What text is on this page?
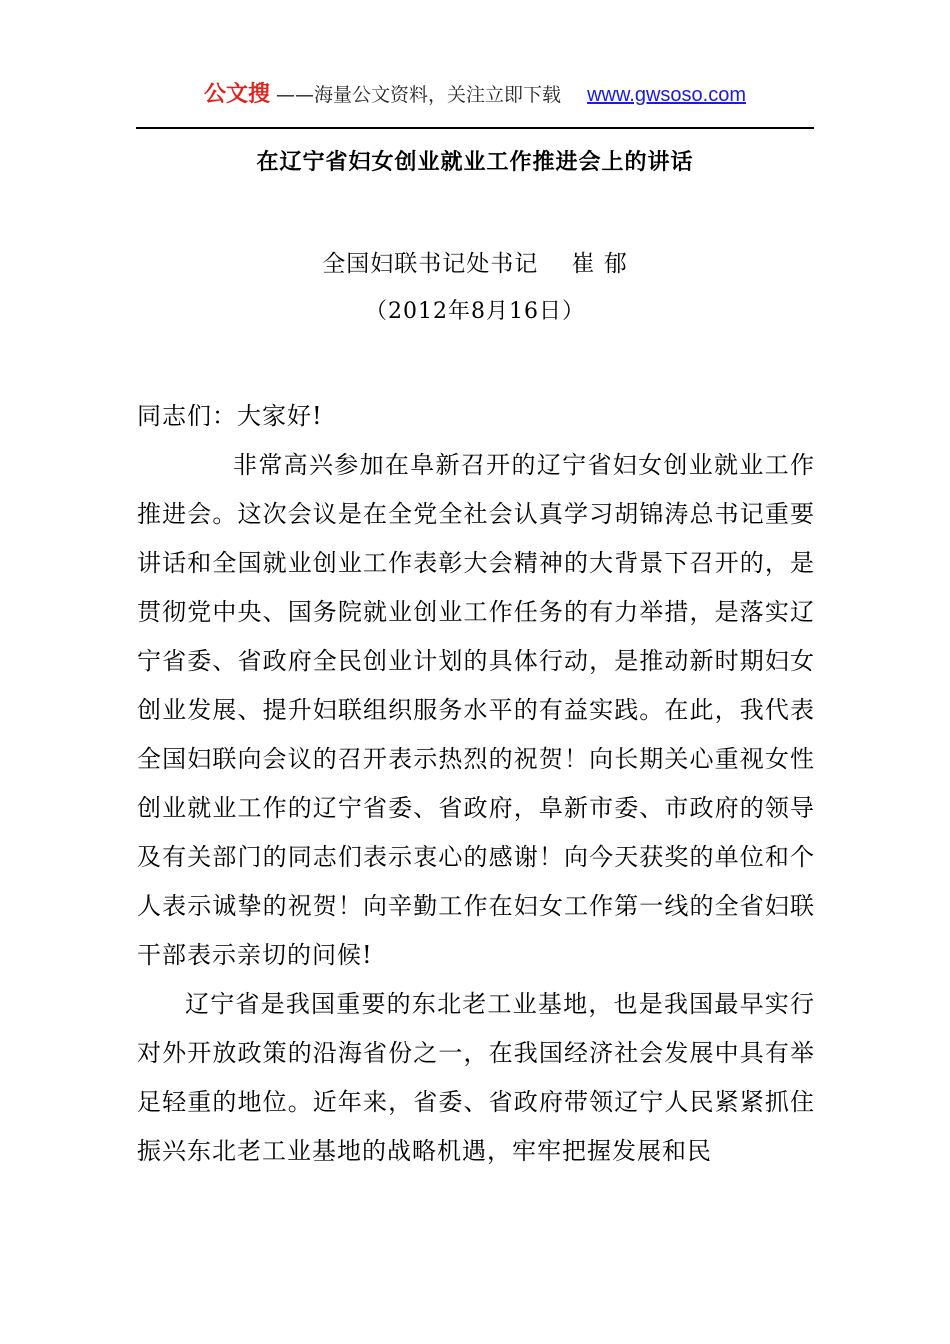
公文搜 ——海量公文资料，关注立即下载 www.gwsoso.com
在辽宁省妇女创业就业工作推进会上的讲话
全国妇联书记处书记    崔 郁
（2012年8月16日）

同志们：大家好!

非常高兴参加在阜新召开的辽宁省妇女创业就业工作推进会。这次会议是在全党全社会认真学习胡锦涛总书记重要讲话和全国就业创业工作表彰大会精神的大背景下召开的，是贯彻党中央、国务院就业创业工作任务的有力举措，是落实辽宁省委、省政府全民创业计划的具体行动，是推动新时期妇女创业发展、提升妇联组织服务水平的有益实践。在此，我代表全国妇联向会议的召开表示热烈的祝贺！向长期关心重视女性创业就业工作的辽宁省委、省政府，阜新市委、市政府的领导及有关部门的同志们表示衷心的感谢！向今天获奖的单位和个人表示诚挚的祝贺！向辛勤工作在妇女工作第一线的全省妇联干部表示亲切的问候!

辽宁省是我国重要的东北老工业基地，也是我国最早实行对外开放政策的沿海省份之一，在我国经济社会发展中具有举足轻重的地位。近年来，省委、省政府带领辽宁人民紧紧抓住振兴东北老工业基地的战略机遇，牢牢把握发展和民
